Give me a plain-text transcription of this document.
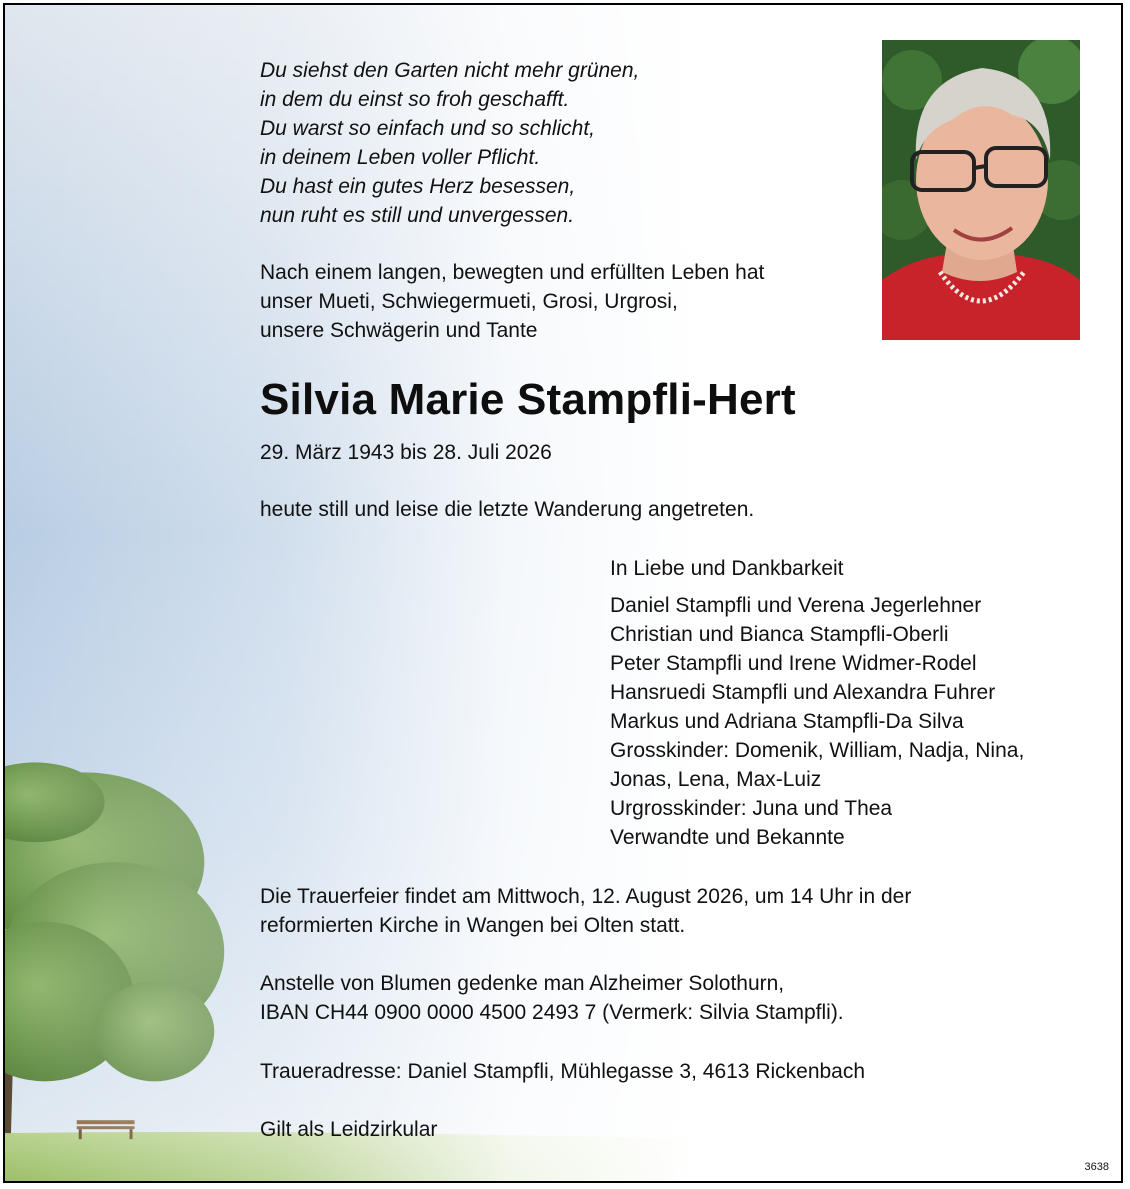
Du siehst den Garten nicht mehr grünen,
in dem du einst so froh geschafft.
Du warst so einfach und so schlicht,
in deinem Leben voller Pflicht.
Du hast ein gutes Herz besessen,
nun ruht es still und unvergessen.
Nach einem langen, bewegten und erfüllten Leben hat
unser Mueti, Schwiegermueti, Grosi, Urgrosi,
unsere Schwägerin und Tante
Silvia Marie Stampfli-Hert
29. März 1943 bis 28. Juli 2026
heute still und leise die letzte Wanderung angetreten.
In Liebe und Dankbarkeit
Daniel Stampfli und Verena Jegerlehner
Christian und Bianca Stampfli-Oberli
Peter Stampfli und Irene Widmer-Rodel
Hansruedi Stampfli und Alexandra Fuhrer
Markus und Adriana Stampfli-Da Silva
Grosskinder: Domenik, William, Nadja, Nina,
Jonas, Lena, Max-Luiz
Urgrosskinder: Juna und Thea
Verwandte und Bekannte
Die Trauerfeier findet am Mittwoch, 12. August 2026, um 14 Uhr in der
reformierten Kirche in Wangen bei Olten statt.
Anstelle von Blumen gedenke man Alzheimer Solothurn,
IBAN CH44 0900 0000 4500 2493 7 (Vermerk: Silvia Stampfli).
Traueradresse: Daniel Stampfli, Mühlegasse 3, 4613 Rickenbach
Gilt als Leidzirkular
3638
